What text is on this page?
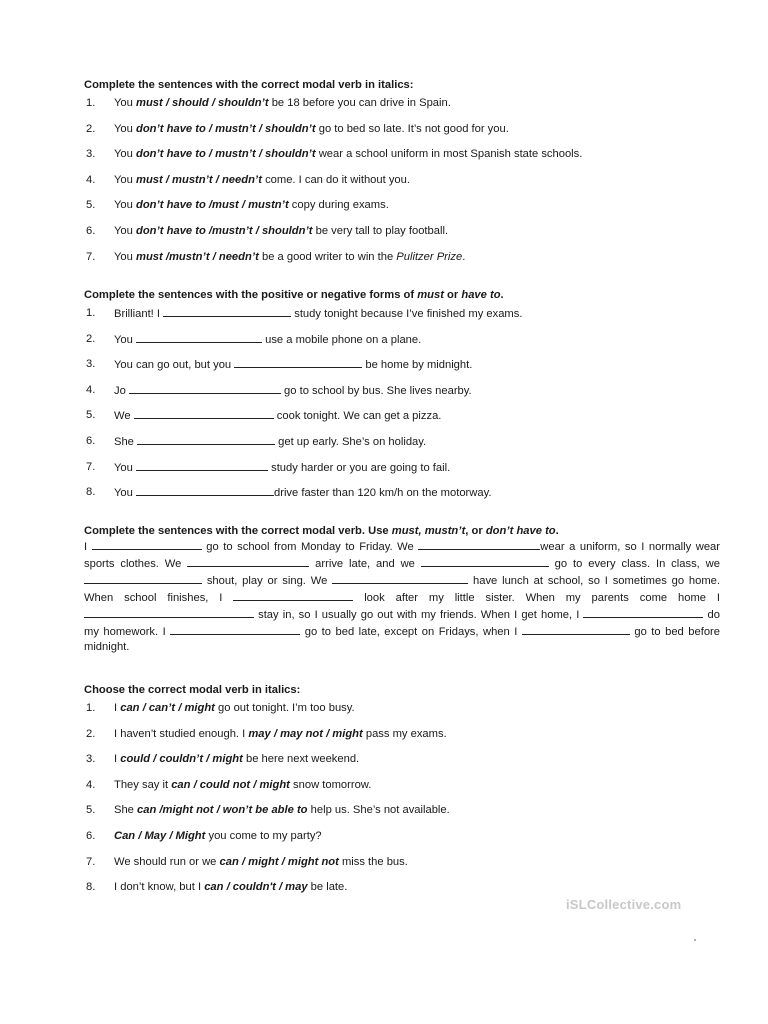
Complete the sentences with the correct modal verb in italics:
1. You must / should / shouldn’t be 18 before you can drive in Spain.
2. You don’t have to / mustn’t / shouldn’t go to bed so late. It’s not good for you.
3. You don’t have to / mustn’t / shouldn’t wear a school uniform in most Spanish state schools.
4. You must / mustn’t / needn’t come. I can do it without you.
5. You don’t have to /must / mustn’t copy during exams.
6. You don’t have to /mustn’t / shouldn’t be very tall to play football.
7. You must /mustn’t / needn’t be a good writer to win the Pulitzer Prize.
Complete the sentences with the positive or negative forms of must or have to.
1. Brilliant! I	study tonight because I’ve finished my exams.
2. You	use a mobile phone on a plane.
3. You can go out, but you	be home by midnight.
4. Jo	go to school by bus. She lives nearby.
5. We	cook tonight. We can get a pizza.
6. She	get up early. She’s on holiday.
7. You	study harder or you are going to fail.
8. You	drive faster than 120 km/h on the motorway.
Complete the sentences with the correct modal verb. Use must, mustn’t, or don’t have to.
I	go to school from Monday to Friday. We	wear a uniform, so I normally wear sports clothes. We	arrive late, and we	go to every class. In class, we  shout, play or sing. We	have lunch at school, so I sometimes go home. When school finishes, I	look after my little sister. When my parents come home I  stay in, so I usually go out with my friends. When I get home, I	do my homework. I	go to bed late, except on Fridays, when I	go to bed before midnight.
Choose the correct modal verb in italics:
1. I can / can’t / might go out tonight. I’m too busy.
2. I haven’t studied enough. I may / may not / might pass my exams.
3. I could / couldn’t / might be here next weekend.
4. They say it can / could not / might snow tomorrow.
5. She can /might not / won’t be able to help us. She’s not available.
6. Can / May / Might you come to my party?
7. We should run or we can / might / might not miss the bus.
8. I don’t know, but I can / couldn't / may be late.
iSLCollective.com
